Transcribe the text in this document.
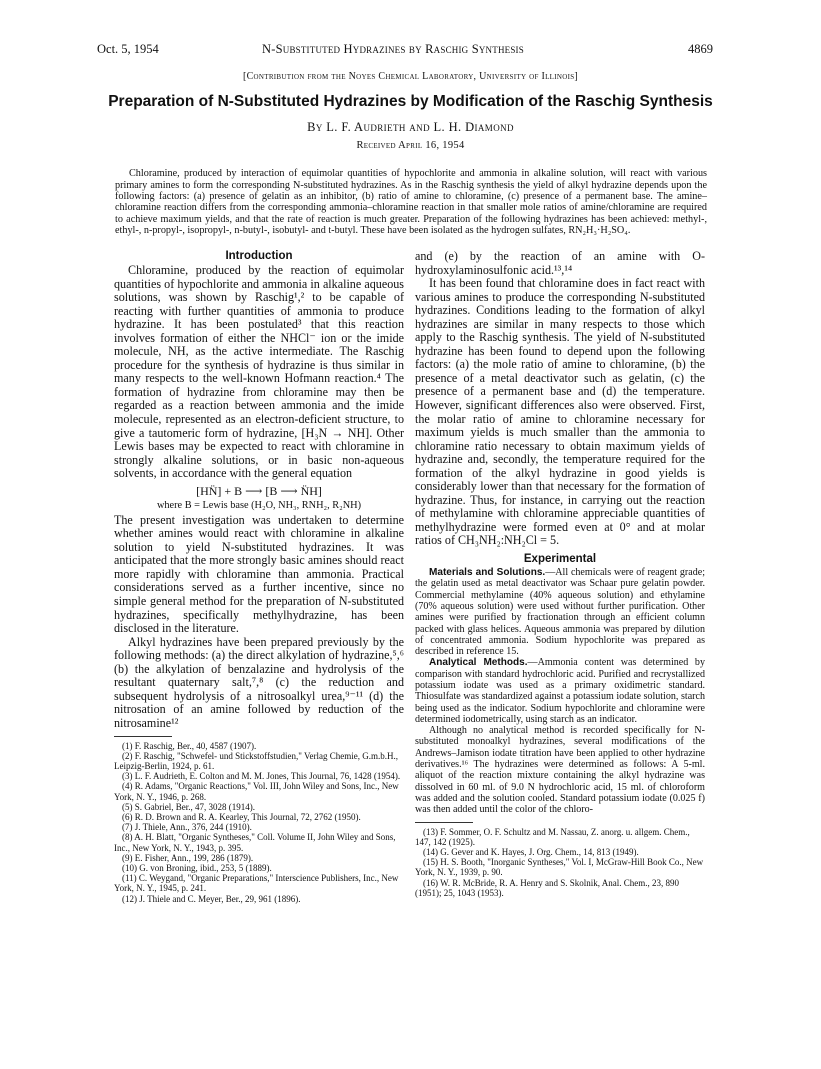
Oct. 5, 1954	N-Substituted Hydrazines by Raschig Synthesis	4869
[Contribution from the Noyes Chemical Laboratory, University of Illinois]
Preparation of N-Substituted Hydrazines by Modification of the Raschig Synthesis
By L. F. Audrieth and L. H. Diamond
Received April 16, 1954

Chloramine, produced by interaction of equimolar quantities of hypochlorite and ammonia in alkaline solution, will react with various primary amines to form the corresponding N-substituted hydrazines. As in the Raschig synthesis the yield of alkyl hydrazine depends upon the following factors: (a) presence of gelatin as an inhibitor, (b) ratio of amine to chloramine, (c) presence of a permanent base. The amine–chloramine reaction differs from the corresponding ammonia–chloramine reaction in that smaller mole ratios of amine/chloramine are required to achieve maximum yields, and that the rate of reaction is much greater. Preparation of the following hydrazines has been achieved: methyl-, ethyl-, n-propyl-, isopropyl-, n-butyl-, isobutyl- and t-butyl. These have been isolated as the hydrogen sulfates, RN₂H₃·H₂SO₄.

Introduction

Chloramine, produced by the reaction of equimolar quantities of hypochlorite and ammonia in alkaline aqueous solutions, was shown by Raschig¹,² to be capable of reacting with further quantities of ammonia to produce hydrazine. It has been postulated³ that this reaction involves formation of either the NHCl⁻ ion or the imide molecule, NH, as the active intermediate. The Raschig procedure for the synthesis of hydrazine is thus similar in many respects to the well-known Hofmann reaction.⁴ The formation of hydrazine from chloramine may then be regarded as a reaction between ammonia and the imide molecule, represented as an electron-deficient structure, to give a tautomeric form of hydrazine, [H₃N → NH]. Other Lewis bases may be expected to react with chloramine in strongly alkaline solutions, or in basic non-aqueous solvents, in accordance with the general equation

[HN̈] + B ⟶ [B ⟶ N̈H]
where B = Lewis base (H₂O, NH₃, RNH₂, R₂NH)

The present investigation was undertaken to determine whether amines would react with chloramine in alkaline solution to yield N-substituted hydrazines. It was anticipated that the more strongly basic amines should react more rapidly with chloramine than ammonia. Practical considerations served as a further incentive, since no simple general method for the preparation of N-substituted hydrazines, specifically methylhydrazine, has been disclosed in the literature.

Alkyl hydrazines have been prepared previously by the following methods: (a) the direct alkylation of hydrazine,⁵,⁶ (b) the alkylation of benzalazine and hydrolysis of the resultant quaternary salt,⁷,⁸ (c) the reduction and subsequent hydrolysis of a nitrosoalkyl urea,⁹⁻¹¹ (d) the nitrosation of an amine followed by reduction of the nitrosamine¹²

(1) F. Raschig, Ber., 40, 4587 (1907).

(2) F. Raschig, "Schwefel- und Stickstoffstudien," Verlag Chemie, G.m.b.H., Leipzig-Berlin, 1924, p. 61.

(3) L. F. Audrieth, E. Colton and M. M. Jones, This Journal, 76, 1428 (1954).

(4) R. Adams, "Organic Reactions," Vol. III, John Wiley and Sons, Inc., New York, N. Y., 1946, p. 268.

(5) S. Gabriel, Ber., 47, 3028 (1914).

(6) R. D. Brown and R. A. Kearley, This Journal, 72, 2762 (1950).

(7) J. Thiele, Ann., 376, 244 (1910).

(8) A. H. Blatt, "Organic Syntheses," Coll. Volume II, John Wiley and Sons, Inc., New York, N. Y., 1943, p. 395.

(9) E. Fisher, Ann., 199, 286 (1879).

(10) G. von Broning, ibid., 253, 5 (1889).

(11) C. Weygand, "Organic Preparations," Interscience Publishers, Inc., New York, N. Y., 1945, p. 241.

(12) J. Thiele and C. Meyer, Ber., 29, 961 (1896).

and (e) by the reaction of an amine with O-hydroxylaminosulfonic acid.¹³,¹⁴

It has been found that chloramine does in fact react with various amines to produce the corresponding N-substituted hydrazines. Conditions leading to the formation of alkyl hydrazines are similar in many respects to those which apply to the Raschig synthesis. The yield of N-substituted hydrazine has been found to depend upon the following factors: (a) the mole ratio of amine to chloramine, (b) the presence of a metal deactivator such as gelatin, (c) the presence of a permanent base and (d) the temperature. However, significant differences also were observed. First, the molar ratio of amine to chloramine necessary for maximum yields is much smaller than the ammonia to chloramine ratio necessary to obtain maximum yields of hydrazine and, secondly, the temperature required for the formation of the alkyl hydrazine in good yields is considerably lower than that necessary for the formation of hydrazine. Thus, for instance, in carrying out the reaction of methylamine with chloramine appreciable quantities of methylhydrazine were formed even at 0° and at molar ratios of CH₃NH₂:NH₂Cl = 5.

Experimental

Materials and Solutions.—All chemicals were of reagent grade; the gelatin used as metal deactivator was Schaar pure gelatin powder. Commercial methylamine (40% aqueous solution) and ethylamine (70% aqueous solution) were used without further purification. Other amines were purified by fractionation through an efficient column packed with glass helices. Aqueous ammonia was prepared by dilution of concentrated ammonia. Sodium hypochlorite was prepared as described in reference 15.

Analytical Methods.—Ammonia content was determined by comparison with standard hydrochloric acid. Purified and recrystallized potassium iodate was used as a primary oxidimetric standard. Thiosulfate was standardized against a potassium iodate solution, starch being used as the indicator. Sodium hypochlorite and chloramine were determined iodometrically, using starch as an indicator.

Although no analytical method is recorded specifically for N-substituted monoalkyl hydrazines, several modifications of the Andrews–Jamison iodate titration have been applied to other hydrazine derivatives.¹⁶ The hydrazines were determined as follows: A 5-ml. aliquot of the reaction mixture containing the alkyl hydrazine was dissolved in 60 ml. of 9.0 N hydrochloric acid, 15 ml. of chloroform was added and the solution cooled. Standard potassium iodate (0.025 f) was then added until the color of the chloro-

(13) F. Sommer, O. F. Schultz and M. Nassau, Z. anorg. u. allgem. Chem., 147, 142 (1925).

(14) G. Gever and K. Hayes, J. Org. Chem., 14, 813 (1949).

(15) H. S. Booth, "Inorganic Syntheses," Vol. I, McGraw-Hill Book Co., New York, N. Y., 1939, p. 90.

(16) W. R. McBride, R. A. Henry and S. Skolnik, Anal. Chem., 23, 890 (1951); 25, 1043 (1953).
